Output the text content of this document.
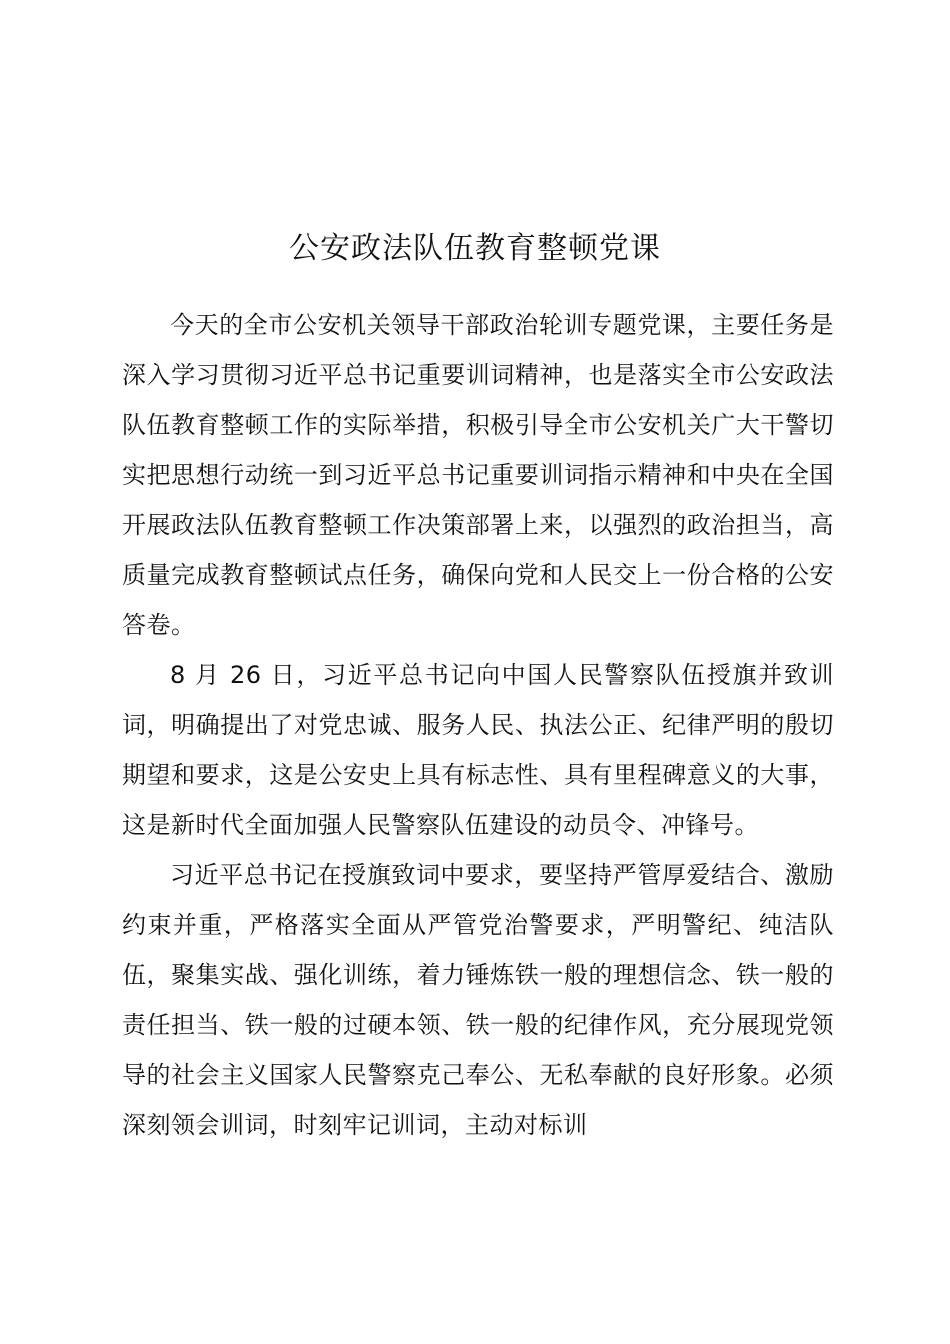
公安政法队伍教育整顿党课

今天的全市公安机关领导干部政治轮训专题党课，主要任务是深入学习贯彻习近平总书记重要训词精神，也是落实全市公安政法队伍教育整顿工作的实际举措，积极引导全市公安机关广大干警切实把思想行动统一到习近平总书记重要训词指示精神和中央在全国开展政法队伍教育整顿工作决策部署上来，以强烈的政治担当，高质量完成教育整顿试点任务，确保向党和人民交上一份合格的公安答卷。

8 月 26 日，习近平总书记向中国人民警察队伍授旗并致训词，明确提出了对党忠诚、服务人民、执法公正、纪律严明的殷切期望和要求，这是公安史上具有标志性、具有里程碑意义的大事，这是新时代全面加强人民警察队伍建设的动员令、冲锋号。

习近平总书记在授旗致词中要求，要坚持严管厚爱结合、激励约束并重，严格落实全面从严管党治警要求，严明警纪、纯洁队伍，聚集实战、强化训练，着力锤炼铁一般的理想信念、铁一般的责任担当、铁一般的过硬本领、铁一般的纪律作风，充分展现党领导的社会主义国家人民警察克己奉公、无私奉献的良好形象。必须深刻领会训词，时刻牢记训词，主动对标训
